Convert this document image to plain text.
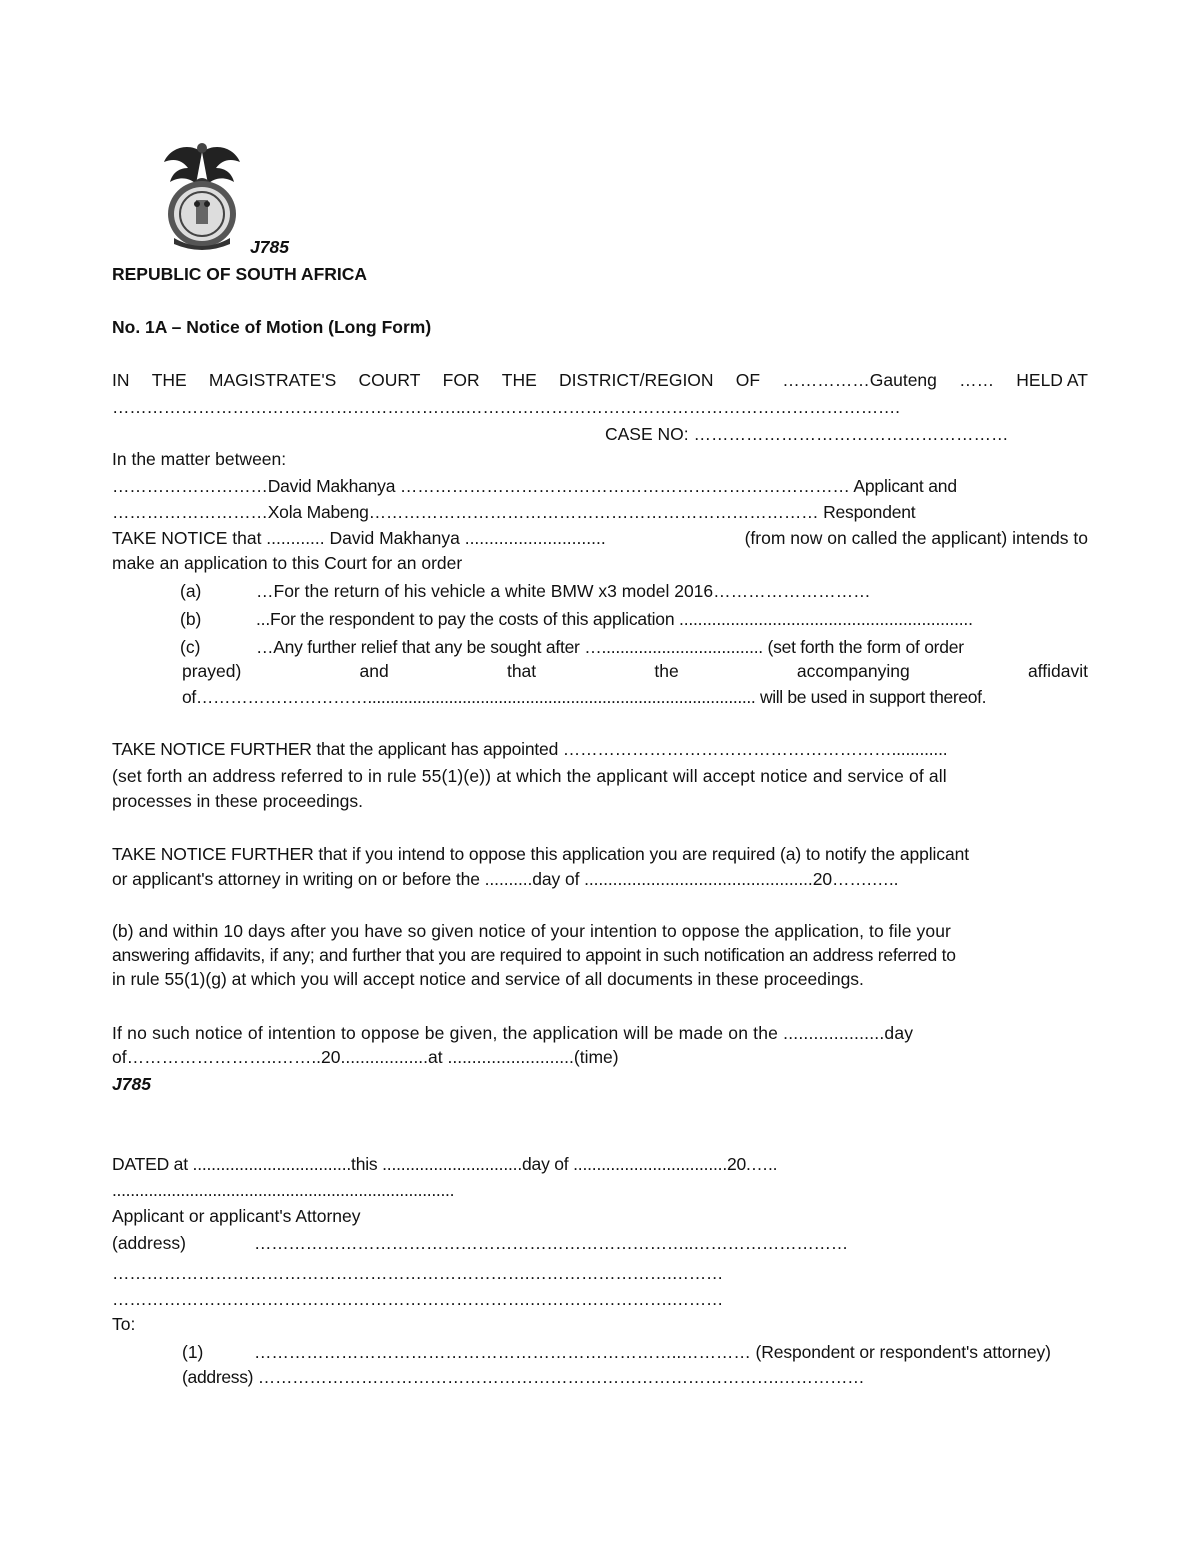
J785
REPUBLIC OF SOUTH AFRICA
No. 1A – Notice of Motion (Long Form)
IN THE MAGISTRATE'S COURT FOR THE DISTRICT/REGION OF ……………Gauteng …… HELD AT
……………………………………………………..………………………………………………………………….
CASE NO: ………………………………………………
In the matter between:
………………………David Makhanya …………………………………………………………………… Applicant and
………………………Xola Mabeng…………………………………………………………………… Respondent
TAKE NOTICE that ............ David Makhanya .............................	(from now on called the applicant) intends to
make an application to this Court for an order
(a)	…For the return of his vehicle a white BMW x3 model 2016………………………
(b)	...For the respondent to pay the costs of this application ...............................................................
(c)	…Any further relief that any be sought after …................................... (set forth the form of order
prayed)	and	that	the	accompanying	affidavit
of…………………………...................................................................................... will be used in support thereof.
TAKE NOTICE FURTHER that the applicant has appointed …………………………………………………............
(set forth an address referred to in rule 55(1)(e)) at which the applicant will accept notice and service of all
processes in these proceedings.
TAKE NOTICE FURTHER that if you intend to oppose this application you are required (a) to notify the applicant
or applicant's attorney in writing on or before the ..........day of ................................................20…….…..
(b) and within 10 days after you have so given notice of your intention to oppose the application, to file your
answering affidavits, if any; and further that you are required to appoint in such notification an address referred to
in rule 55(1)(g) at which you will accept notice and service of all documents in these proceedings.
If no such notice of intention to oppose be given, the application will be made on the ....................day
of……………………..……..20..................at ..........................(time)
J785
DATED at ..................................this ..............................day of .................................20.…..
...........................................................................
Applicant or applicant's Attorney
(address)	…………………………………………………………………..………………………
……………………………………………………………….…………………….………
……………………………………………………………….…………………….………
To:
(1)	………………………………………………………………..………… (Respondent or respondent's attorney)
(address) ……………………………………………………………………………….……………
